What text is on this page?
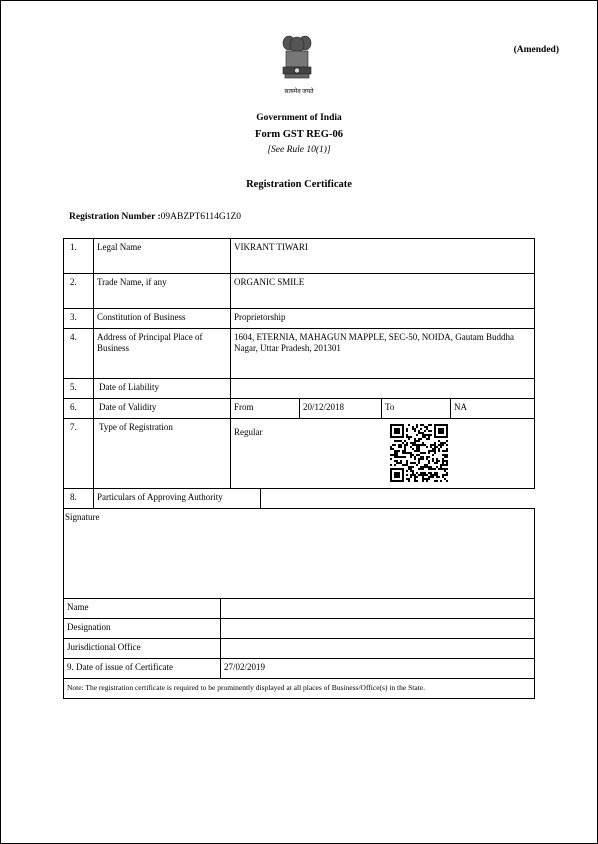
सत्यमेव जयते
(Amended)
Government of India
Form GST REG-06
[See Rule 10(1)]
Registration Certificate
Registration Number :09ABZPT6114G1Z0
1.	Legal Name	VIKRANT TIWARI			
2.	Trade Name, if any	ORGANIC SMILE			
3.	Constitution of Business	Proprietorship			
4.	Address of Principal Place of Business	1604, ETERNIA, MAHAGUN MAPPLE, SEC-50, NOIDA, Gautam Buddha Nagar, Uttar Pradesh, 201301			
5.	Date of Liability				
6.	Date of Validity	From	20/12/2018	To	NA
7.	Type of Registration	Regular			
8.	Particulars of Approving Authority	
Signature	
Name	
Designation	
Jurisdictional Office	
9. Date of issue of Certificate	27/02/2019
Note: The registration certificate is required to be prominently displayed at all places of Business/Office(s) in the State.	
